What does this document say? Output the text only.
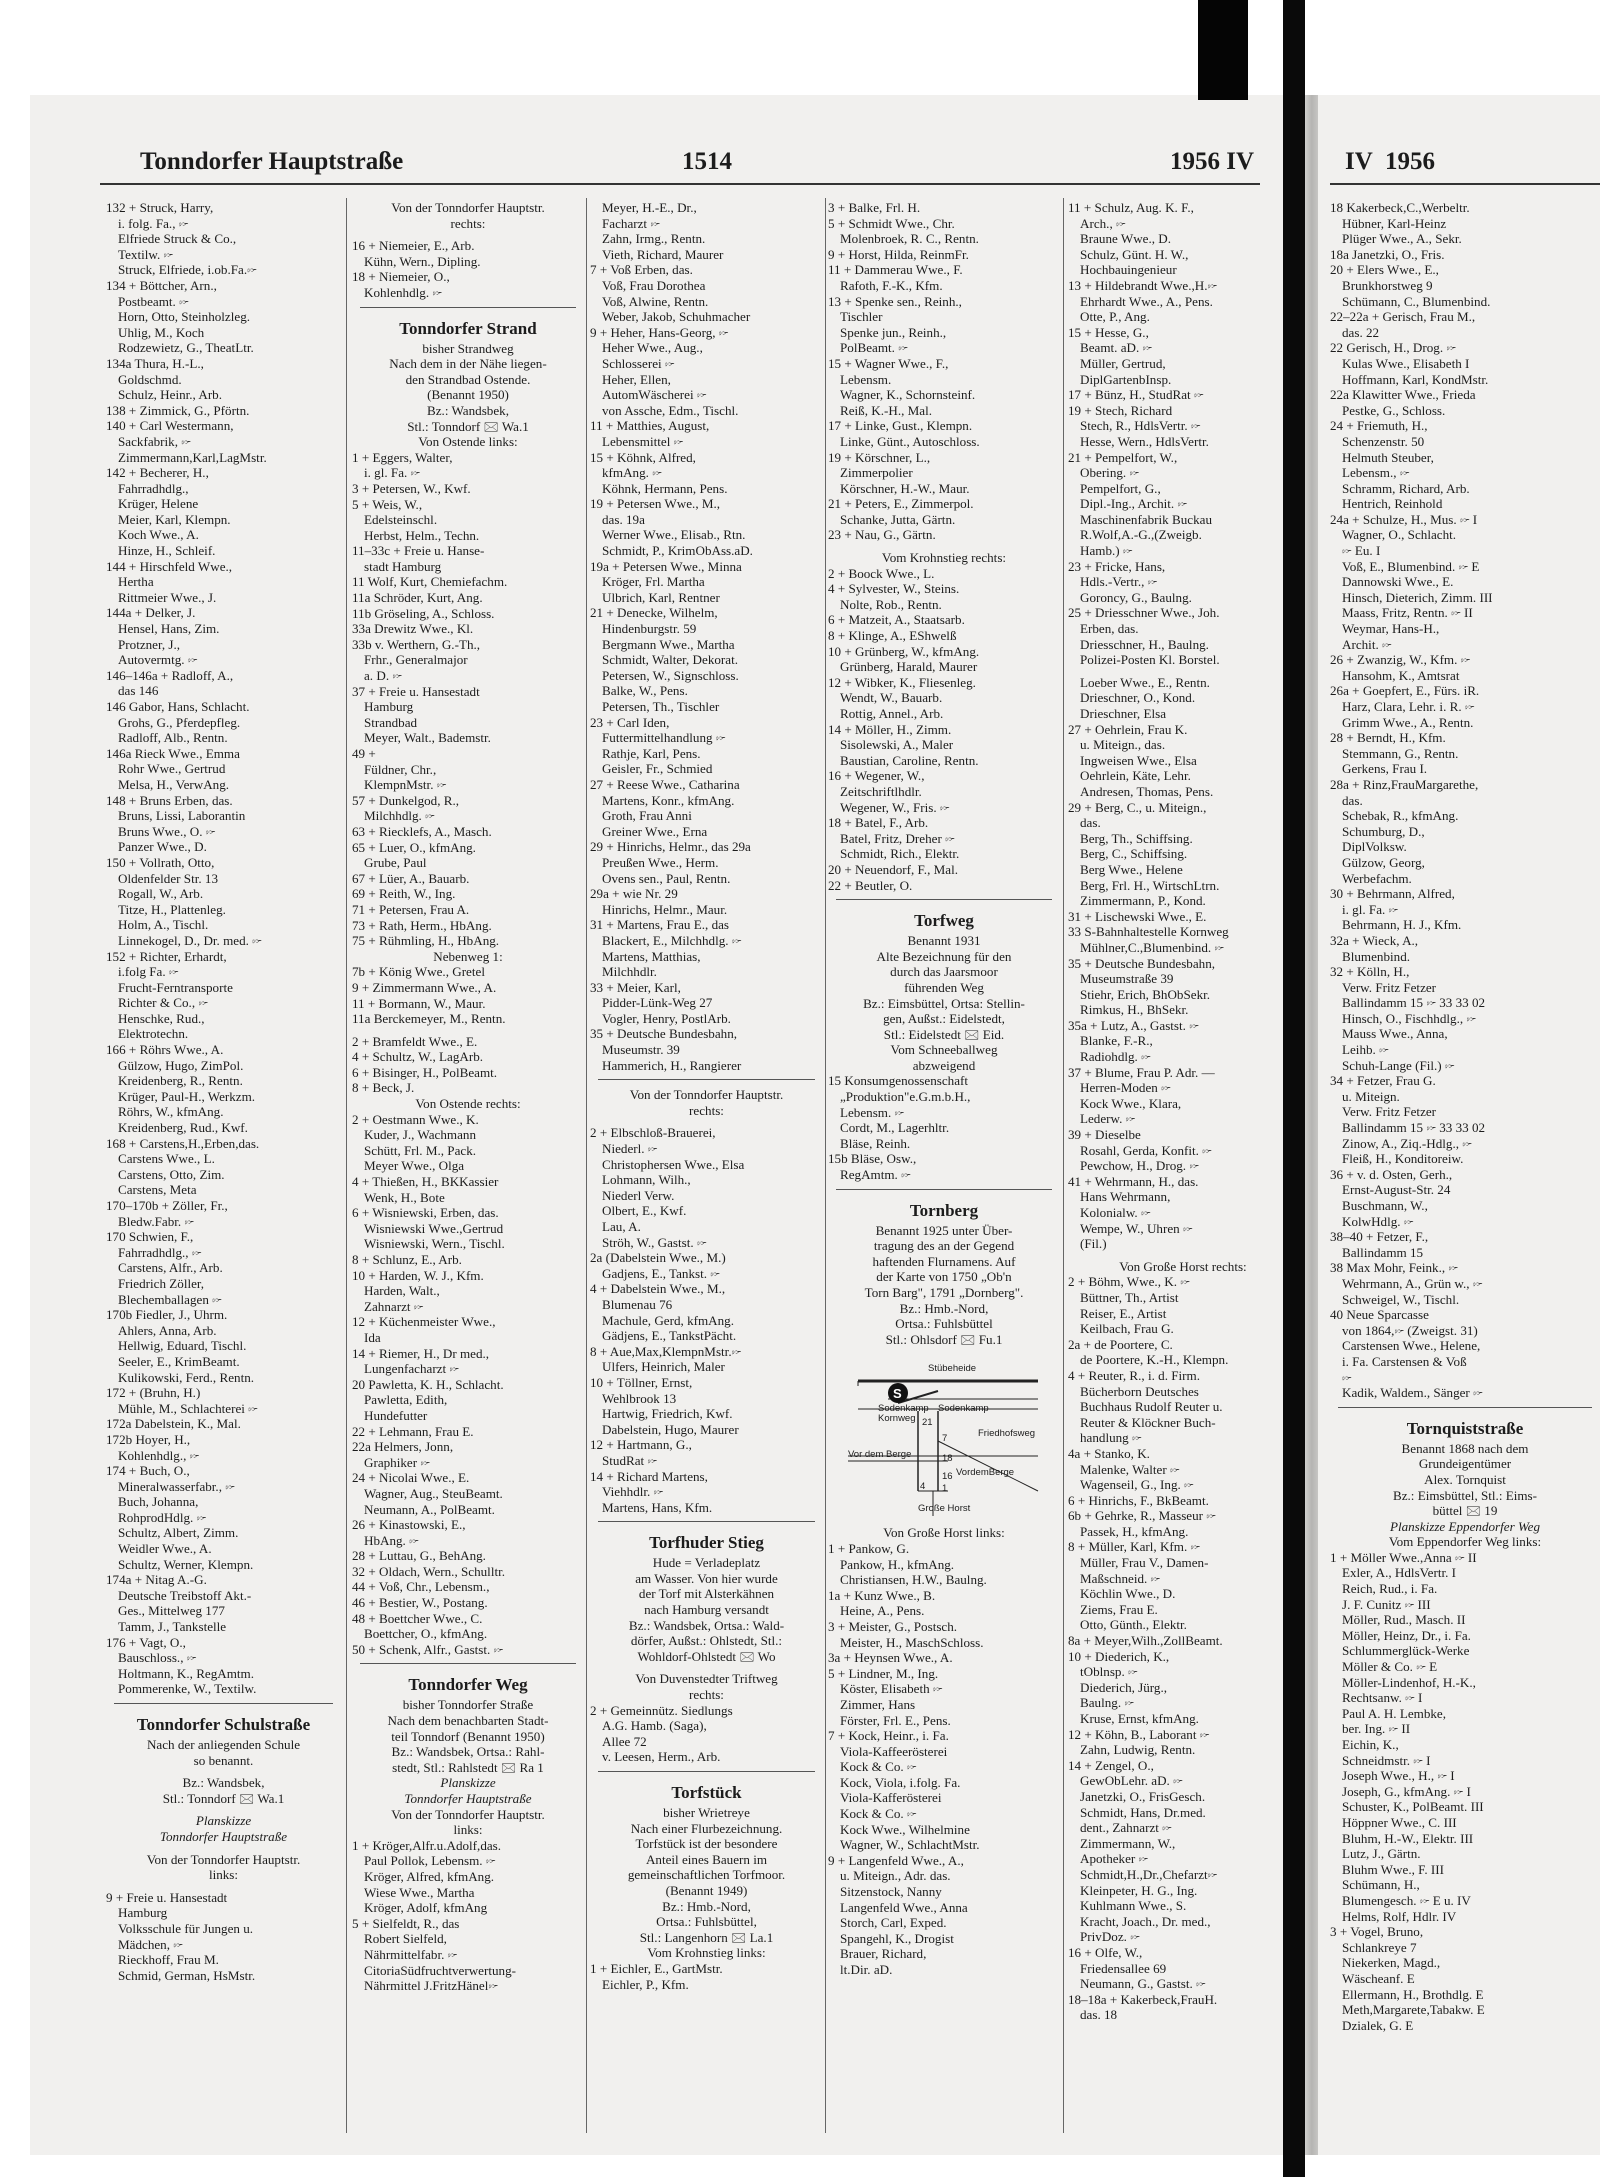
Tonndorfer Hauptstraße	1514	1956 IV	IV 1956
132 + Struck, Harry,
i. folg. Fa., 🖙
Elfriede Struck & Co.,
Textilw. 🖙
Struck, Elfriede, i.ob.Fa.🖙
134 + Böttcher, Arn.,
Postbeamt. 🖙
Horn, Otto, Steinholzleg.
Uhlig, M., Koch
Rodzewietz, G., TheatLtr.
134a Thura, H.-L.,
Goldschmd.
Schulz, Heinr., Arb.
138 + Zimmick, G., Pförtn.
140 + Carl Westermann,
Sackfabrik, 🖙
Zimmermann,Karl,LagMstr.
142 + Becherer, H.,
Fahrradhdlg.,
Krüger, Helene
Meier, Karl, Klempn.
Koch Wwe., A.
Hinze, H., Schleif.
144 + Hirschfeld Wwe.,
Hertha
Rittmeier Wwe., J.
144a + Delker, J.
Hensel, Hans, Zim.
Protzner, J.,
Autovermtg. 🖙
146–146a + Radloff, A.,
das 146
146 Gabor, Hans, Schlacht.
Grohs, G., Pferdepfleg.
Radloff, Alb., Rentn.
146a Rieck Wwe., Emma
Rohr Wwe., Gertrud
Melsa, H., VerwAng.
148 + Bruns Erben, das.
Bruns, Lissi, Laborantin
Bruns Wwe., O. 🖙
Panzer Wwe., D.
150 + Vollrath, Otto,
Oldenfelder Str. 13
Rogall, W., Arb.
Titze, H., Plattenleg.
Holm, A., Tischl.
Linnekogel, D., Dr. med. 🖙
152 + Richter, Erhardt,
i.folg Fa. 🖙
Frucht-Ferntransporte
Richter & Co., 🖙
Henschke, Rud.,
Elektrotechn.
166 + Röhrs Wwe., A.
Gülzow, Hugo, ZimPol.
Kreidenberg, R., Rentn.
Krüger, Paul-H., Werkzm.
Röhrs, W., kfmAng.
Kreidenberg, Rud., Kwf.
168 + Carstens,H.,Erben,das.
Carstens Wwe., L.
Carstens, Otto, Zim.
Carstens, Meta
170–170b + Zöller, Fr.,
Bledw.Fabr. 🖙
170 Schwien, F.,
Fahrradhdlg., 🖙
Carstens, Alfr., Arb.
Friedrich Zöller,
Blechemballagen 🖙
170b Fiedler, J., Uhrm.
Ahlers, Anna, Arb.
Hellwig, Eduard, Tischl.
Seeler, E., KrimBeamt.
Kulikowski, Ferd., Rentn.
172 + (Bruhn, H.)
Mühle, M., Schlachterei 🖙
172a Dabelstein, K., Mal.
172b Hoyer, H.,
Kohlenhdlg., 🖙
174 + Buch, O.,
Mineralwasserfabr., 🖙
Buch, Johanna,
RohprodHdlg. 🖙
Schultz, Albert, Zimm.
Weidler Wwe., A.
Schultz, Werner, Klempn.
174a + Nitag A.-G.
Deutsche Treibstoff Akt.-
Ges., Mittelweg 177
Tamm, J., Tankstelle
176 + Vagt, O.,
Bauschloss., 🖙
Holtmann, K., RegAmtm.
Pommerenke, W., Textilw.
Tonndorfer Schulstraße
Nach der anliegenden Schule
so benannt.
Bz.: Wandsbek,
Stl.: Tonndorf 🖂 Wa.1
Planskizze
Tonndorfer Hauptstraße
Von der Tonndorfer Hauptstr.
links:
9 + Freie u. Hansestadt
Hamburg
Volksschule für Jungen u.
Mädchen, 🖙
Rieckhoff, Frau M.
Schmid, German, HsMstr.
Von der Tonndorfer Hauptstr.
rechts:
16 + Niemeier, E., Arb.
Kühn, Wern., Dipling.
18 + Niemeier, O.,
Kohlenhdlg. 🖙
Tonndorfer Strand
bisher Strandweg
Nach dem in der Nähe liegen-
den Strandbad Ostende.
(Benannt 1950)
Bz.: Wandsbek,
Stl.: Tonndorf 🖂 Wa.1
Von Ostende links:
1 + Eggers, Walter,
i. gl. Fa. 🖙
3 + Petersen, W., Kwf.
5 + Weis, W.,
Edelsteinschl.
Herbst, Helm., Techn.
11–33c + Freie u. Hanse-
stadt Hamburg
11 Wolf, Kurt, Chemiefachm.
11a Schröder, Kurt, Ang.
11b Gröseling, A., Schloss.
33a Drewitz Wwe., Kl.
33b v. Werthern, G.-Th.,
Frhr., Generalmajor
a. D. 🖙
37 + Freie u. Hansestadt
Hamburg
Strandbad
Meyer, Walt., Bademstr.
49 +
Füldner, Chr.,
KlempnMstr. 🖙
57 + Dunkelgod, R.,
Milchhdlg. 🖙
63 + Riecklefs, A., Masch.
65 + Luer, O., kfmAng.
Grube, Paul
67 + Lüer, A., Bauarb.
69 + Reith, W., Ing.
71 + Petersen, Frau A.
73 + Rath, Herm., HbAng.
75 + Rühmling, H., HbAng.
Nebenweg 1:
7b + König Wwe., Gretel
9 + Zimmermann Wwe., A.
11 + Bormann, W., Maur.
11a Berckemeyer, M., Rentn.
2 + Bramfeldt Wwe., E.
4 + Schultz, W., LagArb.
6 + Bisinger, H., PolBeamt.
8 + Beck, J.
Von Ostende rechts:
2 + Oestmann Wwe., K.
Kuder, J., Wachmann
Schütt, Frl. M., Pack.
Meyer Wwe., Olga
4 + Thießen, H., BKKassier
Wenk, H., Bote
6 + Wisniewski, Erben, das.
Wisniewski Wwe.,Gertrud
Wisniewski, Wern., Tischl.
8 + Schlunz, E., Arb.
10 + Harden, W. J., Kfm.
Harden, Walt.,
Zahnarzt 🖙
12 + Küchenmeister Wwe.,
Ida
14 + Riemer, H., Dr med.,
Lungenfacharzt 🖙
20 Pawletta, K. H., Schlacht.
Pawletta, Edith,
Hundefutter
22 + Lehmann, Frau E.
22a Helmers, Jonn,
Graphiker 🖙
24 + Nicolai Wwe., E.
Wagner, Aug., SteuBeamt.
Neumann, A., PolBeamt.
26 + Kinastowski, E.,
HbAng. 🖙
28 + Luttau, G., BehAng.
32 + Oldach, Wern., Schulltr.
44 + Voß, Chr., Lebensm.,
46 + Bestier, W., Postang.
48 + Boettcher Wwe., C.
Boettcher, O., kfmAng.
50 + Schenk, Alfr., Gastst. 🖙
Tonndorfer Weg
bisher Tonndorfer Straße
Nach dem benachbarten Stadt-
teil Tonndorf (Benannt 1950)
Bz.: Wandsbek, Ortsa.: Rahl-
stedt, Stl.: Rahlstedt 🖂 Ra 1
Planskizze
Tonndorfer Hauptstraße
Von der Tonndorfer Hauptstr.
links:
1 + Kröger,Alfr.u.Adolf,das.
Paul Pollok, Lebensm. 🖙
Kröger, Alfred, kfmAng.
Wiese Wwe., Martha
Kröger, Adolf, kfmAng
5 + Sielfeldt, R., das
Robert Sielfeld,
Nährmittelfabr. 🖙
CitoriaSüdfruchtverwertung-
Nährmittel J.FritzHänel🖙
Meyer, H.-E., Dr.,
Facharzt 🖙
Zahn, Irmg., Rentn.
Vieth, Richard, Maurer
7 + Voß Erben, das.
Voß, Frau Dorothea
Voß, Alwine, Rentn.
Weber, Jakob, Schuhmacher
9 + Heher, Hans-Georg, 🖙
Heher Wwe., Aug.,
Schlosserei 🖙
Heher, Ellen,
AutomWäscherei 🖙
von Assche, Edm., Tischl.
11 + Matthies, August,
Lebensmittel 🖙
15 + Köhnk, Alfred,
kfmAng. 🖙
Köhnk, Hermann, Pens.
19 + Petersen Wwe., M.,
das. 19a
Werner Wwe., Elisab., Rtn.
Schmidt, P., KrimObAss.aD.
19a + Petersen Wwe., Minna
Kröger, Frl. Martha
Ulbrich, Karl, Rentner
21 + Denecke, Wilhelm,
Hindenburgstr. 59
Bergmann Wwe., Martha
Schmidt, Walter, Dekorat.
Petersen, W., Signschloss.
Balke, W., Pens.
Petersen, Th., Tischler
23 + Carl Iden,
Futtermittelhandlung 🖙
Rathje, Karl, Pens.
Geisler, Fr., Schmied
27 + Reese Wwe., Catharina
Martens, Konr., kfmAng.
Groth, Frau Anni
Greiner Wwe., Erna
29 + Hinrichs, Helmr., das 29a
Preußen Wwe., Herm.
Ovens sen., Paul, Rentn.
29a + wie Nr. 29
Hinrichs, Helmr., Maur.
31 + Martens, Frau E., das
Blackert, E., Milchhdlg. 🖙
Martens, Matthias,
Milchhdlr.
33 + Meier, Karl,
Pidder-Lünk-Weg 27
Vogler, Henry, PostlArb.
35 + Deutsche Bundesbahn,
Museumstr. 39
Hammerich, H., Rangierer
Von der Tonndorfer Hauptstr.
rechts:
2 + Elbschloß-Brauerei,
Niederl. 🖙
Christophersen Wwe., Elsa
Lohmann, Wilh.,
Niederl Verw.
Olbert, E., Kwf.
Lau, A.
Ströh, W., Gastst. 🖙
2a (Dabelstein Wwe., M.)
Gadjens, E., Tankst. 🖙
4 + Dabelstein Wwe., M.,
Blumenau 76
Machule, Gerd, kfmAng.
Gädjens, E., TankstPächt.
8 + Aue,Max,KlempnMstr.🖙
Ulfers, Heinrich, Maler
10 + Töllner, Ernst,
Wehlbrook 13
Hartwig, Friedrich, Kwf.
Dabelstein, Hugo, Maurer
12 + Hartmann, G.,
StudRat 🖙
14 + Richard Martens,
Viehhdlr. 🖙
Martens, Hans, Kfm.
Torfhuder Stieg
Hude = Verladeplatz
am Wasser. Von hier wurde
der Torf mit Alsterkähnen
nach Hamburg versandt
Bz.: Wandsbek, Ortsa.: Wald-
dörfer, Außst.: Ohlstedt, Stl.:
Wohldorf-Ohlstedt 🖂 Wo
Von Duvenstedter Triftweg
rechts:
2 + Gemeinnütz. Siedlungs
A.G. Hamb. (Saga),
Allee 72
v. Leesen, Herm., Arb.
Torfstück
bisher Wrietreye
Nach einer Flurbezeichnung.
Torfstück ist der besondere
Anteil eines Bauern im
gemeinschaftlichen Torfmoor.
(Benannt 1949)
Bz.: Hmb.-Nord,
Ortsa.: Fuhlsbüttel,
Stl.: Langenhorn 🖂 La.1
Vom Krohnstieg links:
1 + Eichler, E., GartMstr.
Eichler, P., Kfm.
3 + Balke, Frl. H.
5 + Schmidt Wwe., Chr.
Molenbroek, R. C., Rentn.
9 + Horst, Hilda, ReinmFr.
11 + Dammerau Wwe., F.
Rafoth, F.-K., Kfm.
13 + Spenke sen., Reinh.,
Tischler
Spenke jun., Reinh.,
PolBeamt. 🖙
15 + Wagner Wwe., F.,
Lebensm.
Wagner, K., Schornsteinf.
Reiß, K.-H., Mal.
17 + Linke, Gust., Klempn.
Linke, Günt., Autoschloss.
19 + Körschner, L.,
Zimmerpolier
Körschner, H.-W., Maur.
21 + Peters, E., Zimmerpol.
Schanke, Jutta, Gärtn.
23 + Nau, G., Gärtn.
Vom Krohnstieg rechts:
2 + Boock Wwe., L.
4 + Sylvester, W., Steins.
Nolte, Rob., Rentn.
6 + Matzeit, A., Staatsarb.
8 + Klinge, A., EShwelß
10 + Grünberg, W., kfmAng.
Grünberg, Harald, Maurer
12 + Wibker, K., Fliesenleg.
Wendt, W., Bauarb.
Rottig, Annel., Arb.
14 + Möller, H., Zimm.
Sisolewski, A., Maler
Baustian, Caroline, Rentn.
16 + Wegener, W.,
Zeitschriftlhdlr.
Wegener, W., Fris. 🖙
18 + Batel, F., Arb.
Batel, Fritz, Dreher 🖙
Schmidt, Rich., Elektr.
20 + Neuendorf, F., Mal.
22 + Beutler, O.
Torfweg
Benannt 1931
Alte Bezeichnung für den
durch das Jaarsmoor
führenden Weg
Bz.: Eimsbüttel, Ortsa: Stellin-
gen, Außst.: Eidelstedt,
Stl.: Eidelstedt 🖂 Eid.
Vom Schneeballweg
abzweigend
15 Konsumgenossenschaft
„Produktion"e.G.m.b.H.,
Lebensm. 🖙
Cordt, M., Lagerhltr.
Bläse, Reinh.
15b Bläse, Osw.,
RegAmtm. 🖙
Tornberg
Benannt 1925 unter Über-
tragung des an der Gegend
haftenden Flurnamens. Auf
der Karte von 1750 „Ob'n
Torn Barg", 1791 „Dornberg".
Bz.: Hmb.-Nord,
Ortsa.: Fuhlsbüttel
Stl.: Ohlsdorf 🖂 Fu.1
S
Stübeheide
Kornweg
Sodenkamp
Sodenkamp
Friedhofsweg
Vor dem Berge
VordemBerge
Große Horst
21
16
18
1
4
7
Von Große Horst links:
1 + Pankow, G.
Pankow, H., kfmAng.
Christiansen, H.W., Baulng.
1a + Kunz Wwe., B.
Heine, A., Pens.
3 + Meister, G., Postsch.
Meister, H., MaschSchloss.
3a + Heynsen Wwe., A.
5 + Lindner, M., Ing.
Köster, Elisabeth 🖙
Zimmer, Hans
Förster, Frl. E., Pens.
7 + Kock, Heinr., i. Fa.
Viola-Kaffeerösterei
Kock & Co. 🖙
Kock, Viola, i.folg. Fa.
Viola-Kafferösterei
Kock & Co. 🖙
Kock Wwe., Wilhelmine
Wagner, W., SchlachtMstr.
9 + Langenfeld Wwe., A.,
u. Miteign., Adr. das.
Sitzenstock, Nanny
Langenfeld Wwe., Anna
Storch, Carl, Exped.
Spangehl, K., Drogist
Brauer, Richard,
lt.Dir. aD.
11 + Schulz, Aug. K. F.,
Arch., 🖙
Braune Wwe., D.
Schulz, Günt. H. W.,
Hochbauingenieur
13 + Hildebrandt Wwe.,H.🖙
Ehrhardt Wwe., A., Pens.
Otte, P., Ang.
15 + Hesse, G.,
Beamt. aD. 🖙
Müller, Gertrud,
DiplGartenbInsp.
17 + Bünz, H., StudRat 🖙
19 + Stech, Richard
Stech, R., HdlsVertr. 🖙
Hesse, Wern., HdlsVertr.
21 + Pempelfort, W.,
Obering. 🖙
Pempelfort, G.,
Dipl.-Ing., Archit. 🖙
Maschinenfabrik Buckau
R.Wolf,A.-G.,(Zweigb.
Hamb.) 🖙
23 + Fricke, Hans,
Hdls.-Vertr., 🖙
Goroncy, G., Baulng.
25 + Driesschner Wwe., Joh.
Erben, das.
Driesschner, H., Baulng.
Polizei-Posten Kl. Borstel.
Loeber Wwe., E., Rentn.
Drieschner, O., Kond.
Drieschner, Elsa
27 + Oehrlein, Frau K.
u. Miteign., das.
Ingweisen Wwe., Elsa
Oehrlein, Käte, Lehr.
Andresen, Thomas, Pens.
29 + Berg, C., u. Miteign.,
das.
Berg, Th., Schiffsing.
Berg, C., Schiffsing.
Berg Wwe., Helene
Berg, Frl. H., WirtschLtrn.
Zimmermann, P., Kond.
31 + Lischewski Wwe., E.
33 S-Bahnhaltestelle Kornweg
Mühlner,C.,Blumenbind. 🖙
35 + Deutsche Bundesbahn,
Museumstraße 39
Stiehr, Erich, BhObSekr.
Rimkus, H., BhSekr.
35a + Lutz, A., Gastst. 🖙
Blanke, F.-R.,
Radiohdlg. 🖙
37 + Blume, Frau P. Adr. —
Herren-Moden 🖙
Kock Wwe., Klara,
Lederw. 🖙
39 + Dieselbe
Rosahl, Gerda, Konfit. 🖙
Pewchow, H., Drog. 🖙
41 + Wehrmann, H., das.
Hans Wehrmann,
Kolonialw. 🖙
Wempe, W., Uhren 🖙
(Fil.)
Von Große Horst rechts:
2 + Böhm, Wwe., K. 🖙
Büttner, Th., Artist
Reiser, E., Artist
Keilbach, Frau G.
2a + de Poortere, C.
de Poortere, K.-H., Klempn.
4 + Reuter, R., i. d. Firm.
Bücherborn Deutsches
Buchhaus Rudolf Reuter u.
Reuter & Klöckner Buch-
handlung 🖙
4a + Stanko, K.
Malenke, Walter 🖙
Wagenseil, G., Ing. 🖙
6 + Hinrichs, F., BkBeamt.
6b + Gehrke, R., Masseur 🖙
Passek, H., kfmAng.
8 + Müller, Karl, Kfm. 🖙
Müller, Frau V., Damen-
Maßschneid. 🖙
Köchlin Wwe., D.
Ziems, Frau E.
Otto, Günth., Elektr.
8a + Meyer,Wilh.,ZollBeamt.
10 + Diederich, K.,
tOblnsp. 🖙
Diederich, Jürg.,
Baulng. 🖙
Kruse, Ernst, kfmAng.
12 + Köhn, B., Laborant 🖙
Zahn, Ludwig, Rentn.
14 + Zengel, O.,
GewObLehr. aD. 🖙
Janetzki, O., FrisGesch.
Schmidt, Hans, Dr.med.
dent., Zahnarzt 🖙
Zimmermann, W.,
Apotheker 🖙
Schmidt,H.,Dr.,Chefarzt🖙
Kleinpeter, H. G., Ing.
Kuhlmann Wwe., S.
Kracht, Joach., Dr. med.,
PrivDoz. 🖙
16 + Olfe, W.,
Friedensallee 69
Neumann, G., Gastst. 🖙
18–18a + Kakerbeck,FrauH.
das. 18
18 Kakerbeck,C.,Werbeltr.
Hübner, Karl-Heinz
Plüger Wwe., A., Sekr.
18a Janetzki, O., Fris.
20 + Elers Wwe., E.,
Brunkhorstweg 9
Schümann, C., Blumenbind.
22–22a + Gerisch, Frau M.,
das. 22
22 Gerisch, H., Drog. 🖙
Kulas Wwe., Elisabeth I
Hoffmann, Karl, KondMstr.
22a Klawitter Wwe., Frieda
Pestke, G., Schloss.
24 + Friemuth, H.,
Schenzenstr. 50
Helmuth Steuber,
Lebensm., 🖙
Schramm, Richard, Arb.
Hentrich, Reinhold
24a + Schulze, H., Mus. 🖙 I
Wagner, O., Schlacht.
🖙 Eu. I
Voß, E., Blumenbind. 🖙 E
Dannowski Wwe., E.
Hinsch, Dieterich, Zimm. III
Maass, Fritz, Rentn. 🖙 II
Weymar, Hans-H.,
Archit. 🖙
26 + Zwanzig, W., Kfm. 🖙
Hansohm, K., Amtsrat
26a + Goepfert, E., Fürs. iR.
Harz, Clara, Lehr. i. R. 🖙
Grimm Wwe., A., Rentn.
28 + Berndt, H., Kfm.
Stemmann, G., Rentn.
Gerkens, Frau I.
28a + Rinz,FrauMargarethe,
das.
Schebak, R., kfmAng.
Schumburg, D.,
DiplVolksw.
Gülzow, Georg,
Werbefachm.
30 + Behrmann, Alfred,
i. gl. Fa. 🖙
Behrmann, H. J., Kfm.
32a + Wieck, A.,
Blumenbind.
32 + Kölln, H.,
Verw. Fritz Fetzer
Ballindamm 15 🖙 33 33 02
Hinsch, O., Fischhdlg., 🖙
Mauss Wwe., Anna,
Leihb. 🖙
Schuh-Lange (Fil.) 🖙
34 + Fetzer, Frau G.
u. Miteign.
Verw. Fritz Fetzer
Ballindamm 15 🖙 33 33 02
Zinow, A., Ziq.-Hdlg., 🖙
Fleiß, H., Konditoreiw.
36 + v. d. Osten, Gerh.,
Ernst-August-Str. 24
Buschmann, W.,
KolwHdlg. 🖙
38–40 + Fetzer, F.,
Ballindamm 15
38 Max Mohr, Feink., 🖙
Wehrmann, A., Grün w., 🖙
Schweigel, W., Tischl.
40 Neue Sparcasse
von 1864,🖙 (Zweigst. 31)
Carstensen Wwe., Helene,
i. Fa. Carstensen & Voß
🖙
Kadik, Waldem., Sänger 🖙
Tornquiststraße
Benannt 1868 nach dem
Grundeigentümer
Alex. Tornquist
Bz.: Eimsbüttel, Stl.: Eims-
büttel 🖂 19
Planskizze Eppendorfer Weg
Vom Eppendorfer Weg links:
1 + Möller Wwe.,Anna 🖙 II
Exler, A., HdlsVertr. I
Reich, Rud., i. Fa.
J. F. Cunitz 🖙 III
Möller, Rud., Masch. II
Möller, Heinz, Dr., i. Fa.
Schlummerglück-Werke
Möller & Co. 🖙 E
Möller-Lindenhof, H.-K.,
Rechtsanw. 🖙 I
Paul A. H. Lembke,
ber. Ing. 🖙 II
Eichin, K.,
Schneidmstr. 🖙 I
Joseph Wwe., H., 🖙 I
Joseph, G., kfmAng. 🖙 I
Schuster, K., PolBeamt. III
Höppner Wwe., C. III
Bluhm, H.-W., Elektr. III
Lutz, J., Gärtn.
Bluhm Wwe., F. III
Schümann, H.,
Blumengesch. 🖙 E u. IV
Helms, Rolf, Hdlr. IV
3 + Vogel, Bruno,
Schlankreye 7
Niekerken, Magd.,
Wäscheanf. E
Ellermann, H., Brothdlg. E
Meth,Margarete,Tabakw. E
Dzialek, G. E
